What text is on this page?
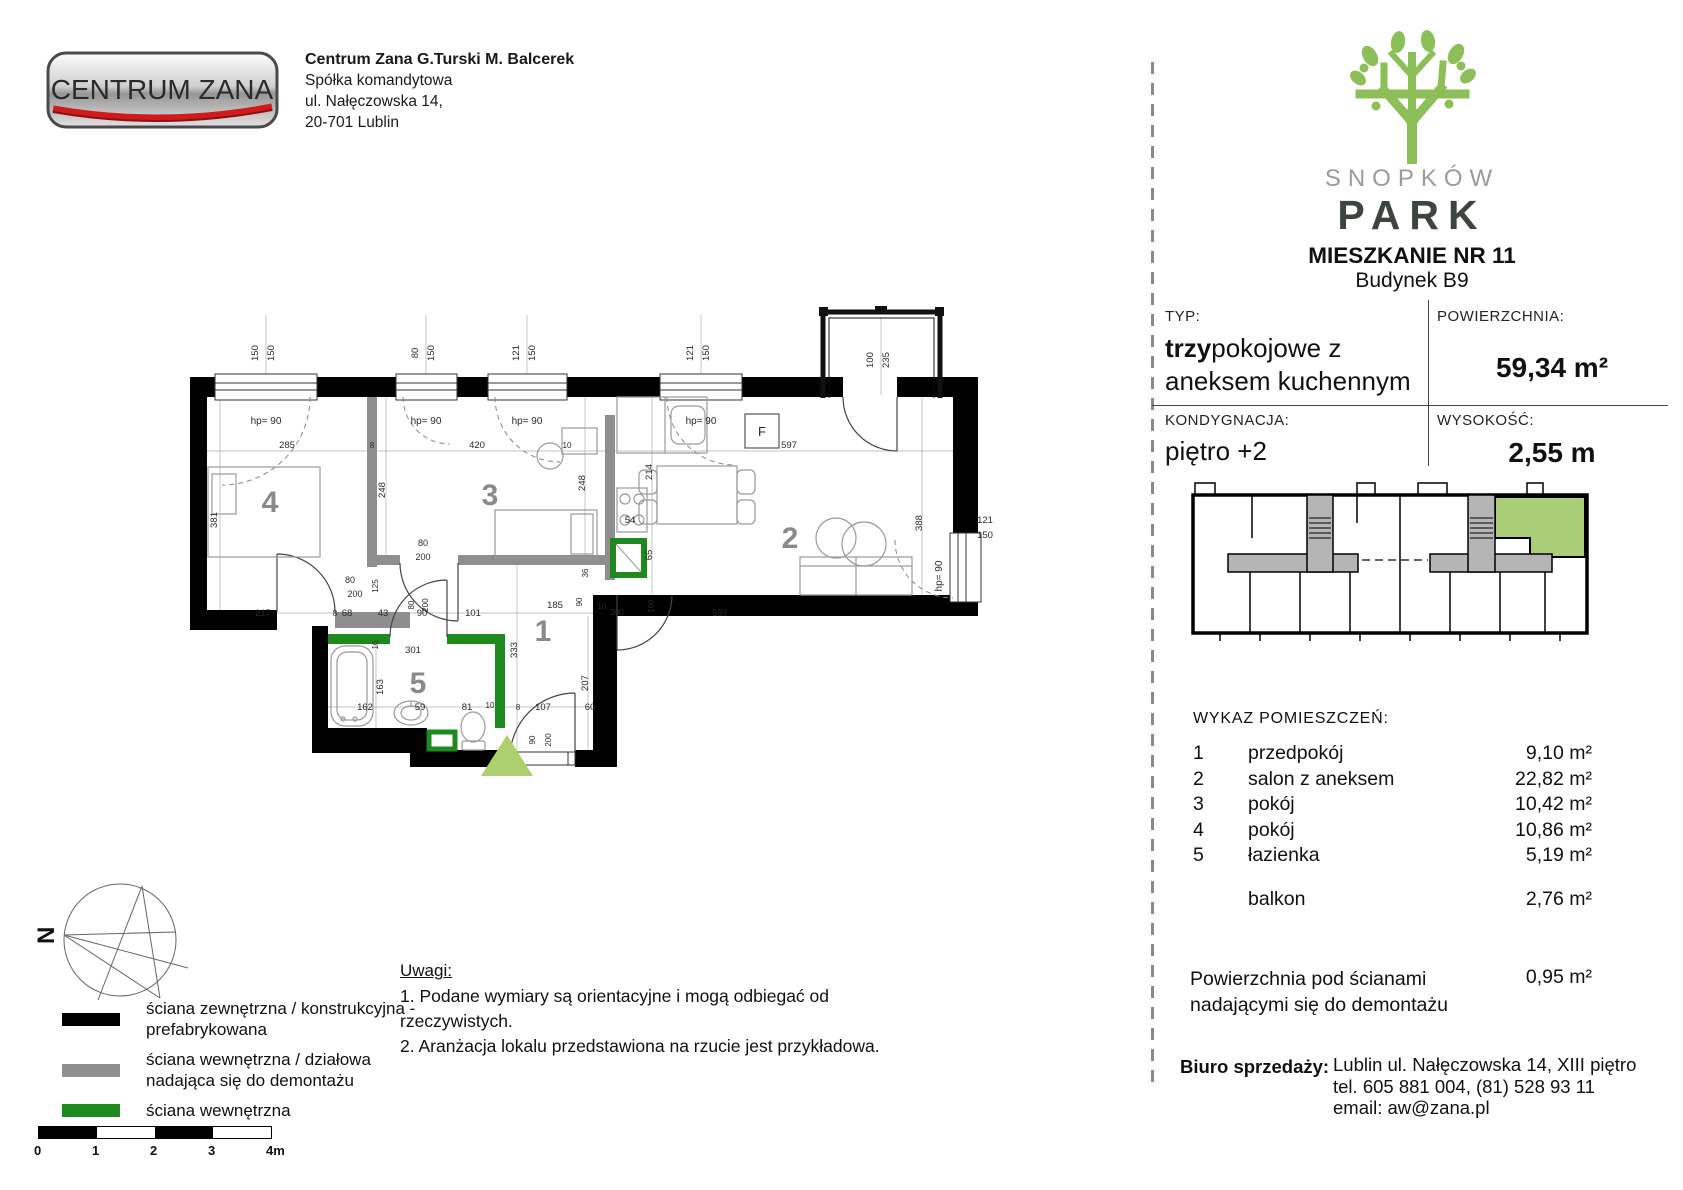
CENTRUM ZANA
Centrum Zana G.Turski M. Balcerek
Spółka komandytowa
ul. Nałęczowska 14,
20-701 Lublin
SNOPKÓW
PARK
MIESZKANIE NR 11
Budynek B9
TYP:
trzypokojowe z
aneksem kuchennym
POWIERZCHNIA:
59,34 m²
KONDYGNACJA:
piętro +2
WYSOKOŚĆ:
2,55 m
WYKAZ POMIESZCZEŃ:
1	przedpokój	9,10 m²
2	salon z aneksem	22,82 m²
3	pokój	10,42 m²
4	pokój	10,86 m²
5	łazienka	5,19 m²
balkon	2,76 m²
Powierzchnia pod ścianami nadającymi się do demontażu
0,95 m²
Biuro sprzedaży: Lublin ul. Nałęczowska 14, XIII piętro
tel. 605 881 004, (81) 528 93 11
email: aw@zana.pl
150 150	80 150	121 150	121 150	100 235
121
150
hp= 90	hp= 90	hp= 90	hp= 90
hp= 90
285	8	420	10	597
248
381
248
214
54
65
109
388
80
200
80
200
80 200
125
10	301
217	68	43	90	101
185 90 10
200	597
36
333
207
163
162	59	81 10	8 107	60
90 200
8
F
4	3
2
1
5
N
ściana zewnętrzna / konstrukcyjna -
prefabrykowana
ściana wewnętrzna / działowa
nadająca się do demontażu
ściana wewnętrzna
0	1	2	3	4m
Uwagi:
1. Podane wymiary są orientacyjne i mogą odbiegać od
rzeczywistych.
2. Aranżacja lokalu przedstawiona na rzucie jest przykładowa.
